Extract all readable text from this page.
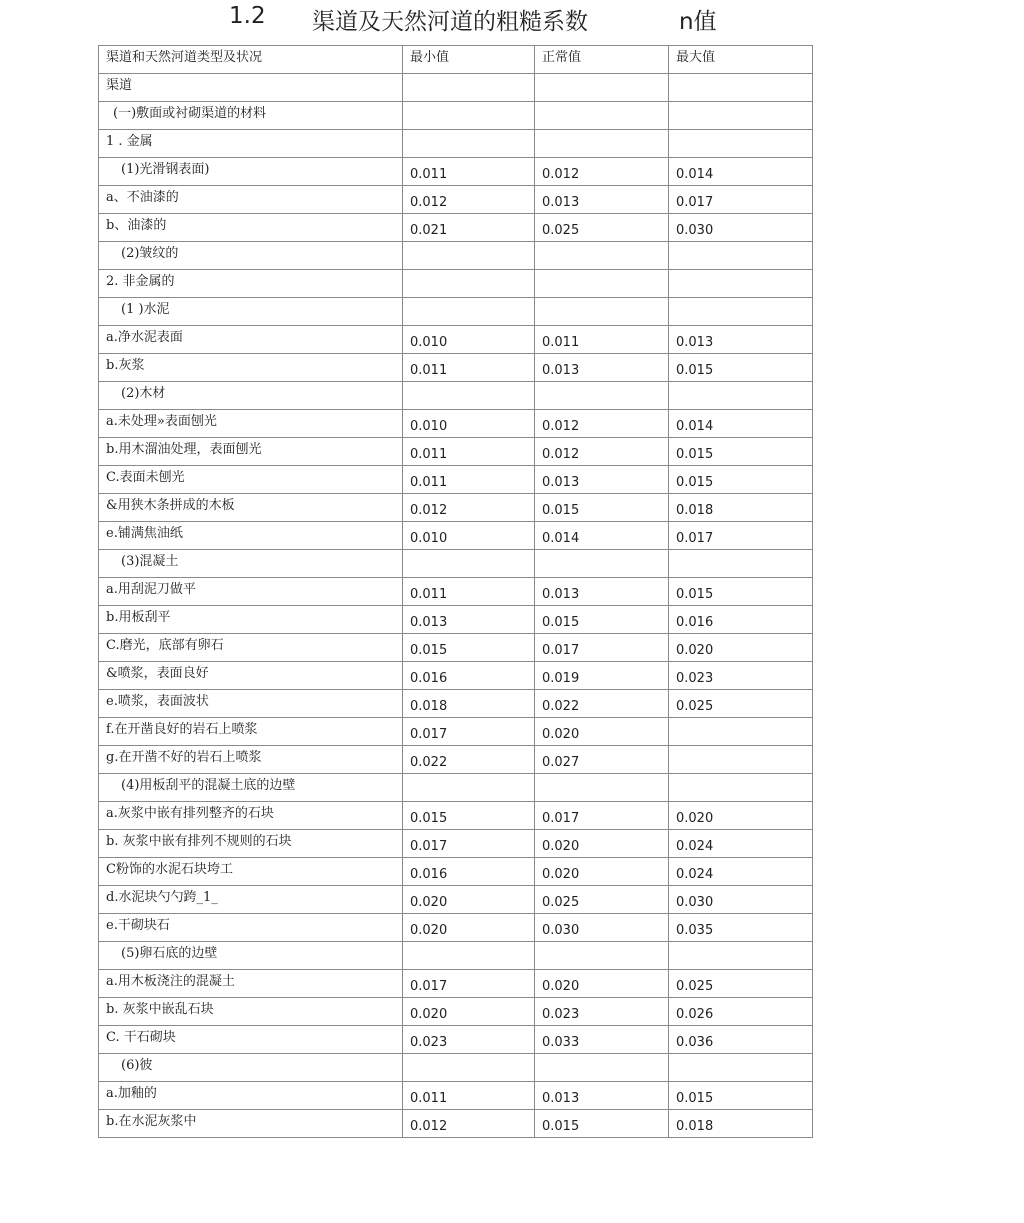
1.2 渠道及天然河道的粗糙系数	n值
渠道和天然河道类型及状况	最小值	正常值	最大值
渠道			
(一)敷面或衬砌渠道的材料			
1 . 金属			
(1)光滑钢表面)	0.011	0.012	0.014
a、不油漆的	0.012	0.013	0.017
b、油漆的	0.021	0.025	0.030
(2)皱纹的			
2. 非金属的			
(1 )水泥			
a.净水泥表面	0.010	0.011	0.013
b.灰浆	0.011	0.013	0.015
(2)木材			
a.未处理»表面刨光	0.010	0.012	0.014
b.用木溜油处理，表面刨光	0.011	0.012	0.015
C.表面未刨光	0.011	0.013	0.015
&用狭木条拼成的木板	0.012	0.015	0.018
e.铺满焦油纸	0.010	0.014	0.017
(3)混凝土			
a.用刮泥刀做平	0.011	0.013	0.015
b.用板刮平	0.013	0.015	0.016
C.磨光，底部有卵石	0.015	0.017	0.020
&喷浆，表面良好	0.016	0.019	0.023
e.喷浆，表面波状	0.018	0.022	0.025
f.在开凿良好的岩石上喷浆	0.017	0.020	
g.在开凿不好的岩石上喷浆	0.022	0.027	
(4)用板刮平的混凝土底的边壁			
a.灰浆中嵌有排列整齐的石块	0.015	0.017	0.020
b. 灰浆中嵌有排列不规则的石块	0.017	0.020	0.024
C粉饰的水泥石块垮工	0.016	0.020	0.024
d.水泥块勺勺跨_1_	0.020	0.025	0.030
e.干砌块石	0.020	0.030	0.035
(5)卵石底的边壁			
a.用木板浇注的混凝土	0.017	0.020	0.025
b. 灰浆中嵌乱石块	0.020	0.023	0.026
C. 干石砌块	0.023	0.033	0.036
(6)彼			
a.加釉的	0.011	0.013	0.015
b.在水泥灰浆中	0.012	0.015	0.018
